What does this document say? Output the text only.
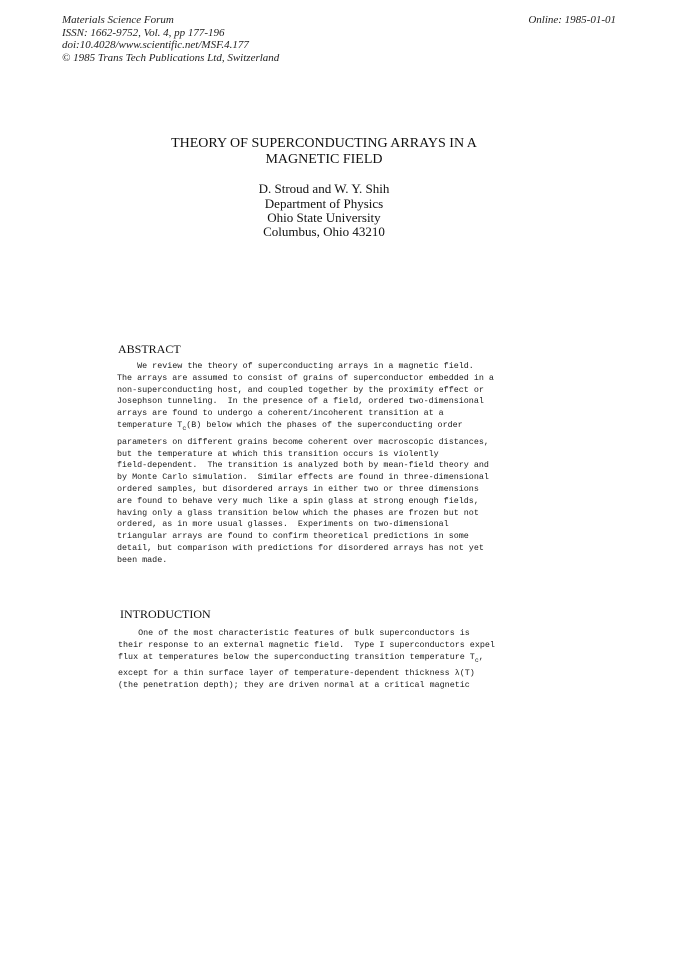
Materials Science Forum
ISSN: 1662-9752, Vol. 4, pp 177-196
doi:10.4028/www.scientific.net/MSF.4.177
© 1985 Trans Tech Publications Ltd, Switzerland
Online: 1985-01-01
THEORY OF SUPERCONDUCTING ARRAYS IN A
MAGNETIC FIELD
D. Stroud and W. Y. Shih
Department of Physics
Ohio State University
Columbus, Ohio 43210
ABSTRACT
We review the theory of superconducting arrays in a magnetic field.
The arrays are assumed to consist of grains of superconductor embedded in a
non-superconducting host, and coupled together by the proximity effect or
Josephson tunneling.  In the presence of a field, ordered two-dimensional
arrays are found to undergo a coherent/incoherent transition at a
temperature $T_c(B)$ below which the phases of the superconducting order
parameters on different grains become coherent over macroscopic distances,
but the temperature at which this transition occurs is violently
field-dependent.  The transition is analyzed both by mean-field theory and
by Monte Carlo simulation.  Similar effects are found in three-dimensional
ordered samples, but disordered arrays in either two or three dimensions
are found to behave very much like a spin glass at strong enough fields,
having only a glass transition below which the phases are frozen but not
ordered, as in more usual glasses.  Experiments on two-dimensional
triangular arrays are found to confirm theoretical predictions in some
detail, but comparison with predictions for disordered arrays has not yet
been made.
INTRODUCTION
One of the most characteristic features of bulk superconductors is
their response to an external magnetic field.  Type I superconductors expel
flux at temperatures below the superconducting transition temperature $T_c$,
except for a thin surface layer of temperature-dependent thickness λ(T)
(the penetration depth); they are driven normal at a critical magnetic
